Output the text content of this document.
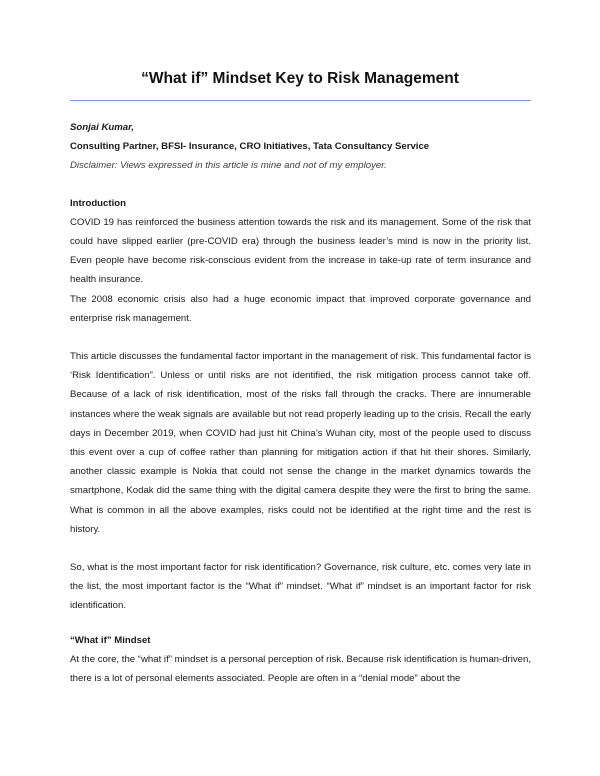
“What if” Mindset Key to Risk Management

Sonjai Kumar,

Consulting Partner, BFSI- Insurance, CRO Initiatives, Tata Consultancy Service

Disclaimer: Views expressed in this article is mine and not of my employer.

Introduction

COVID 19 has reinforced the business attention towards the risk and its management. Some of the risk that could have slipped earlier (pre-COVID era) through the business leader’s mind is now in the priority list. Even people have become risk-conscious evident from the increase in take-up rate of term insurance and health insurance.

The 2008 economic crisis also had a huge economic impact that improved corporate governance and enterprise risk management.

This article discusses the fundamental factor important in the management of risk. This fundamental factor is ‘Risk Identification”. Unless or until risks are not identified, the risk mitigation process cannot take off. Because of a lack of risk identification, most of the risks fall through the cracks. There are innumerable instances where the weak signals are available but not read properly leading up to the crisis. Recall the early days in December 2019, when COVID had just hit China’s Wuhan city, most of the people used to discuss this event over a cup of coffee rather than planning for mitigation action if that hit their shores. Similarly, another classic example is Nokia that could not sense the change in the market dynamics towards the smartphone, Kodak did the same thing with the digital camera despite they were the first to bring the same. What is common in all the above examples, risks could not be identified at the right time and the rest is history.

So, what is the most important factor for risk identification? Governance, risk culture, etc. comes very late in the list, the most important factor is the “What if” mindset. “What if” mindset is an important factor for risk identification.

“What if” Mindset

At the core, the “what if” mindset is a personal perception of risk. Because risk identification is human-driven, there is a lot of personal elements associated. People are often in a “denial mode” about the
